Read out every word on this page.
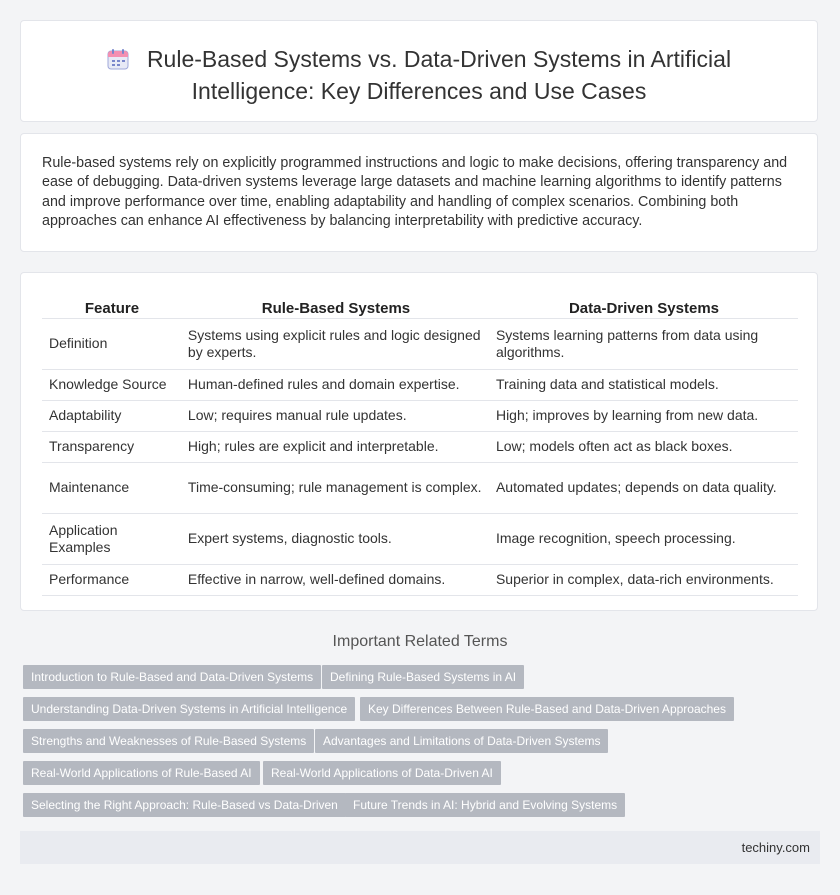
Rule-Based Systems vs. Data-Driven Systems in Artificial
Intelligence: Key Differences and Use Cases
Rule-based systems rely on explicitly programmed instructions and logic to make decisions, offering transparency and ease of debugging. Data-driven systems leverage large datasets and machine learning algorithms to identify patterns and improve performance over time, enabling adaptability and handling of complex scenarios. Combining both approaches can enhance AI effectiveness by balancing interpretability with predictive accuracy.
Feature	Rule-Based Systems	Data-Driven Systems
Definition	Systems using explicit rules and logic designed by experts.	Systems learning patterns from data using algorithms.
Knowledge Source	Human-defined rules and domain expertise.	Training data and statistical models.
Adaptability	Low; requires manual rule updates.	High; improves by learning from new data.
Transparency	High; rules are explicit and interpretable.	Low; models often act as black boxes.
Maintenance	Time-consuming; rule management is complex.	Automated updates; depends on data quality.
Application Examples	Expert systems, diagnostic tools.	Image recognition, speech processing.
Performance	Effective in narrow, well-defined domains.	Superior in complex, data-rich environments.
Important Related Terms
Introduction to Rule-Based and Data-Driven Systems	Defining Rule-Based Systems in AI
Understanding Data-Driven Systems in Artificial Intelligence	Key Differences Between Rule-Based and Data-Driven Approaches
Strengths and Weaknesses of Rule-Based Systems	Advantages and Limitations of Data-Driven Systems
Real-World Applications of Rule-Based AI	Real-World Applications of Data-Driven AI
Selecting the Right Approach: Rule-Based vs Data-Driven	Future Trends in AI: Hybrid and Evolving Systems
techiny.com
